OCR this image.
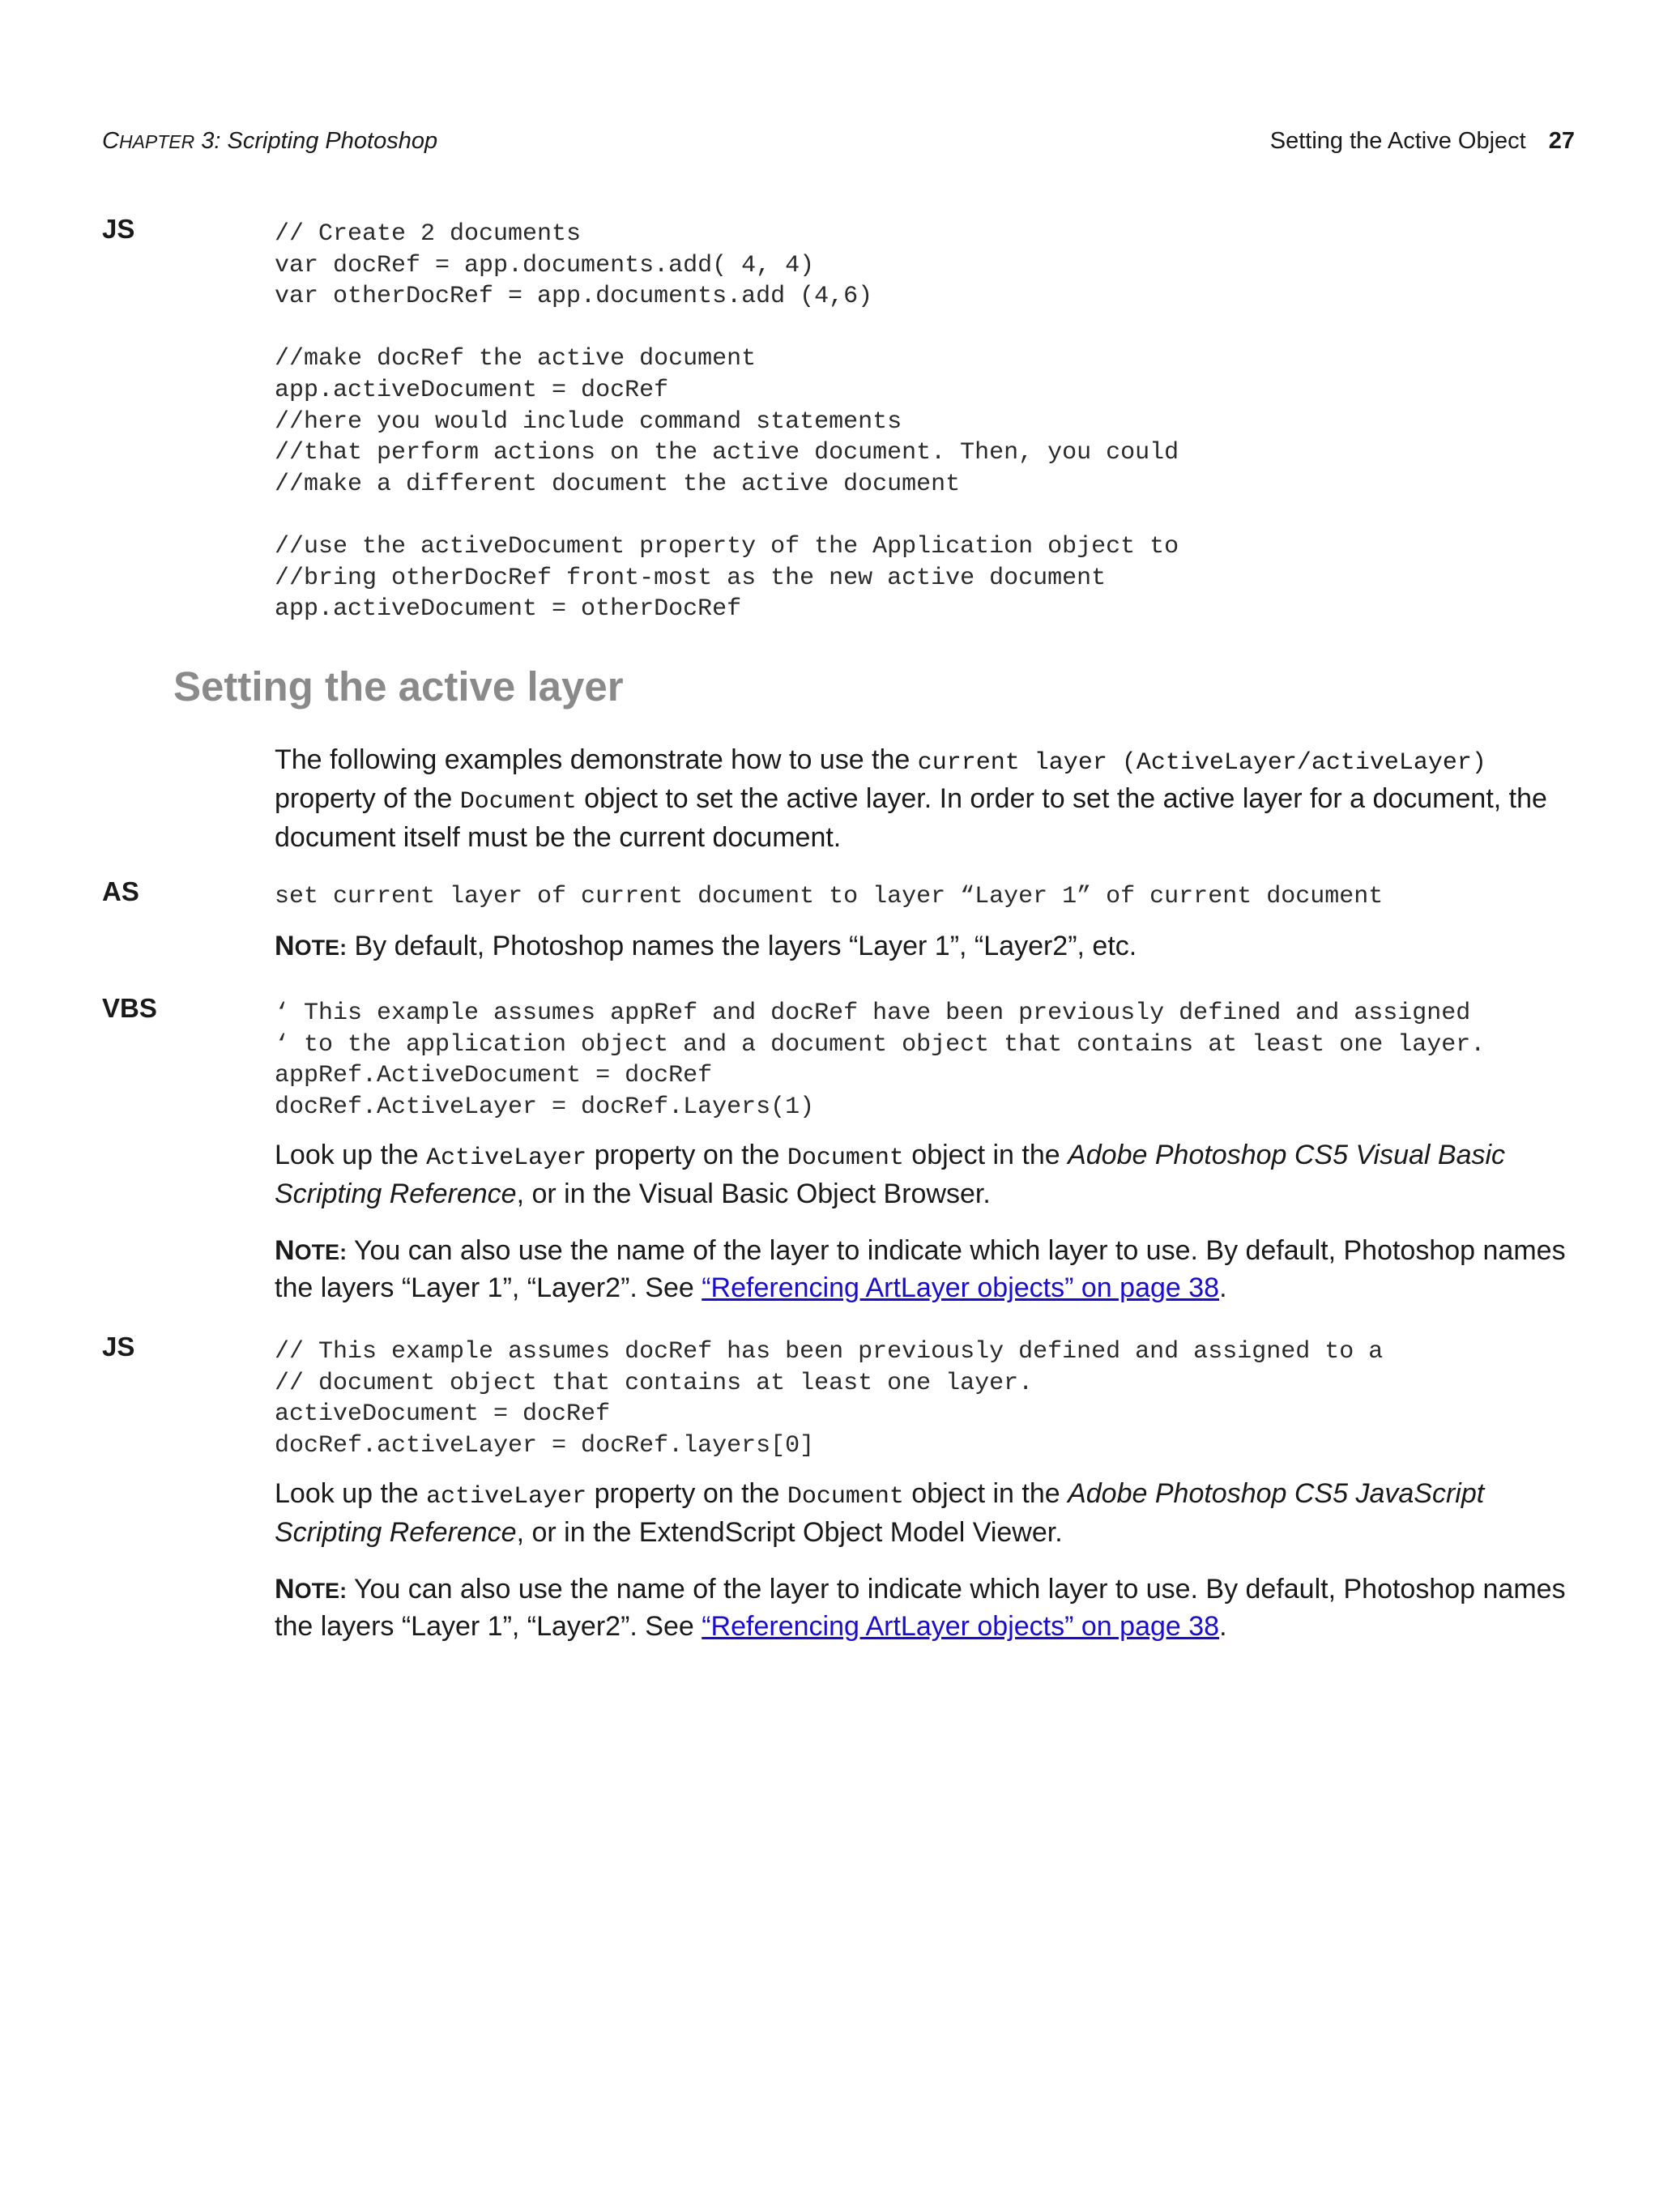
CHAPTER 3: Scripting Photoshop	Setting the Active Object 27
JS	// Create 2 documents
var docRef = app.documents.add( 4, 4)
var otherDocRef = app.documents.add (4,6)

//make docRef the active document
app.activeDocument = docRef
//here you would include command statements
//that perform actions on the active document. Then, you could
//make a different document the active document

//use the activeDocument property of the Application object to
//bring otherDocRef front-most as the new active document
app.activeDocument = otherDocRef
Setting the active layer

The following examples demonstrate how to use the current layer (ActiveLayer/activeLayer) property of the Document object to set the active layer. In order to set the active layer for a document, the document itself must be the current document.

AS	set current layer of current document to layer “Layer 1” of current document

NOTE: By default, Photoshop names the layers “Layer 1”, “Layer2”, etc.

VBS	‘ This example assumes appRef and docRef have been previously defined and assigned
‘ to the application object and a document object that contains at least one layer.
appRef.ActiveDocument = docRef
docRef.ActiveLayer = docRef.Layers(1)

Look up the ActiveLayer property on the Document object in the Adobe Photoshop CS5 Visual Basic Scripting Reference, or in the Visual Basic Object Browser.

NOTE: You can also use the name of the layer to indicate which layer to use. By default, Photoshop names the layers “Layer 1”, “Layer2”. See “Referencing ArtLayer objects” on page 38.

JS	// This example assumes docRef has been previously defined and assigned to a
// document object that contains at least one layer.
activeDocument = docRef
docRef.activeLayer = docRef.layers[0]

Look up the activeLayer property on the Document object in the Adobe Photoshop CS5 JavaScript Scripting Reference, or in the ExtendScript Object Model Viewer.

NOTE: You can also use the name of the layer to indicate which layer to use. By default, Photoshop names the layers “Layer 1”, “Layer2”. See “Referencing ArtLayer objects” on page 38.
